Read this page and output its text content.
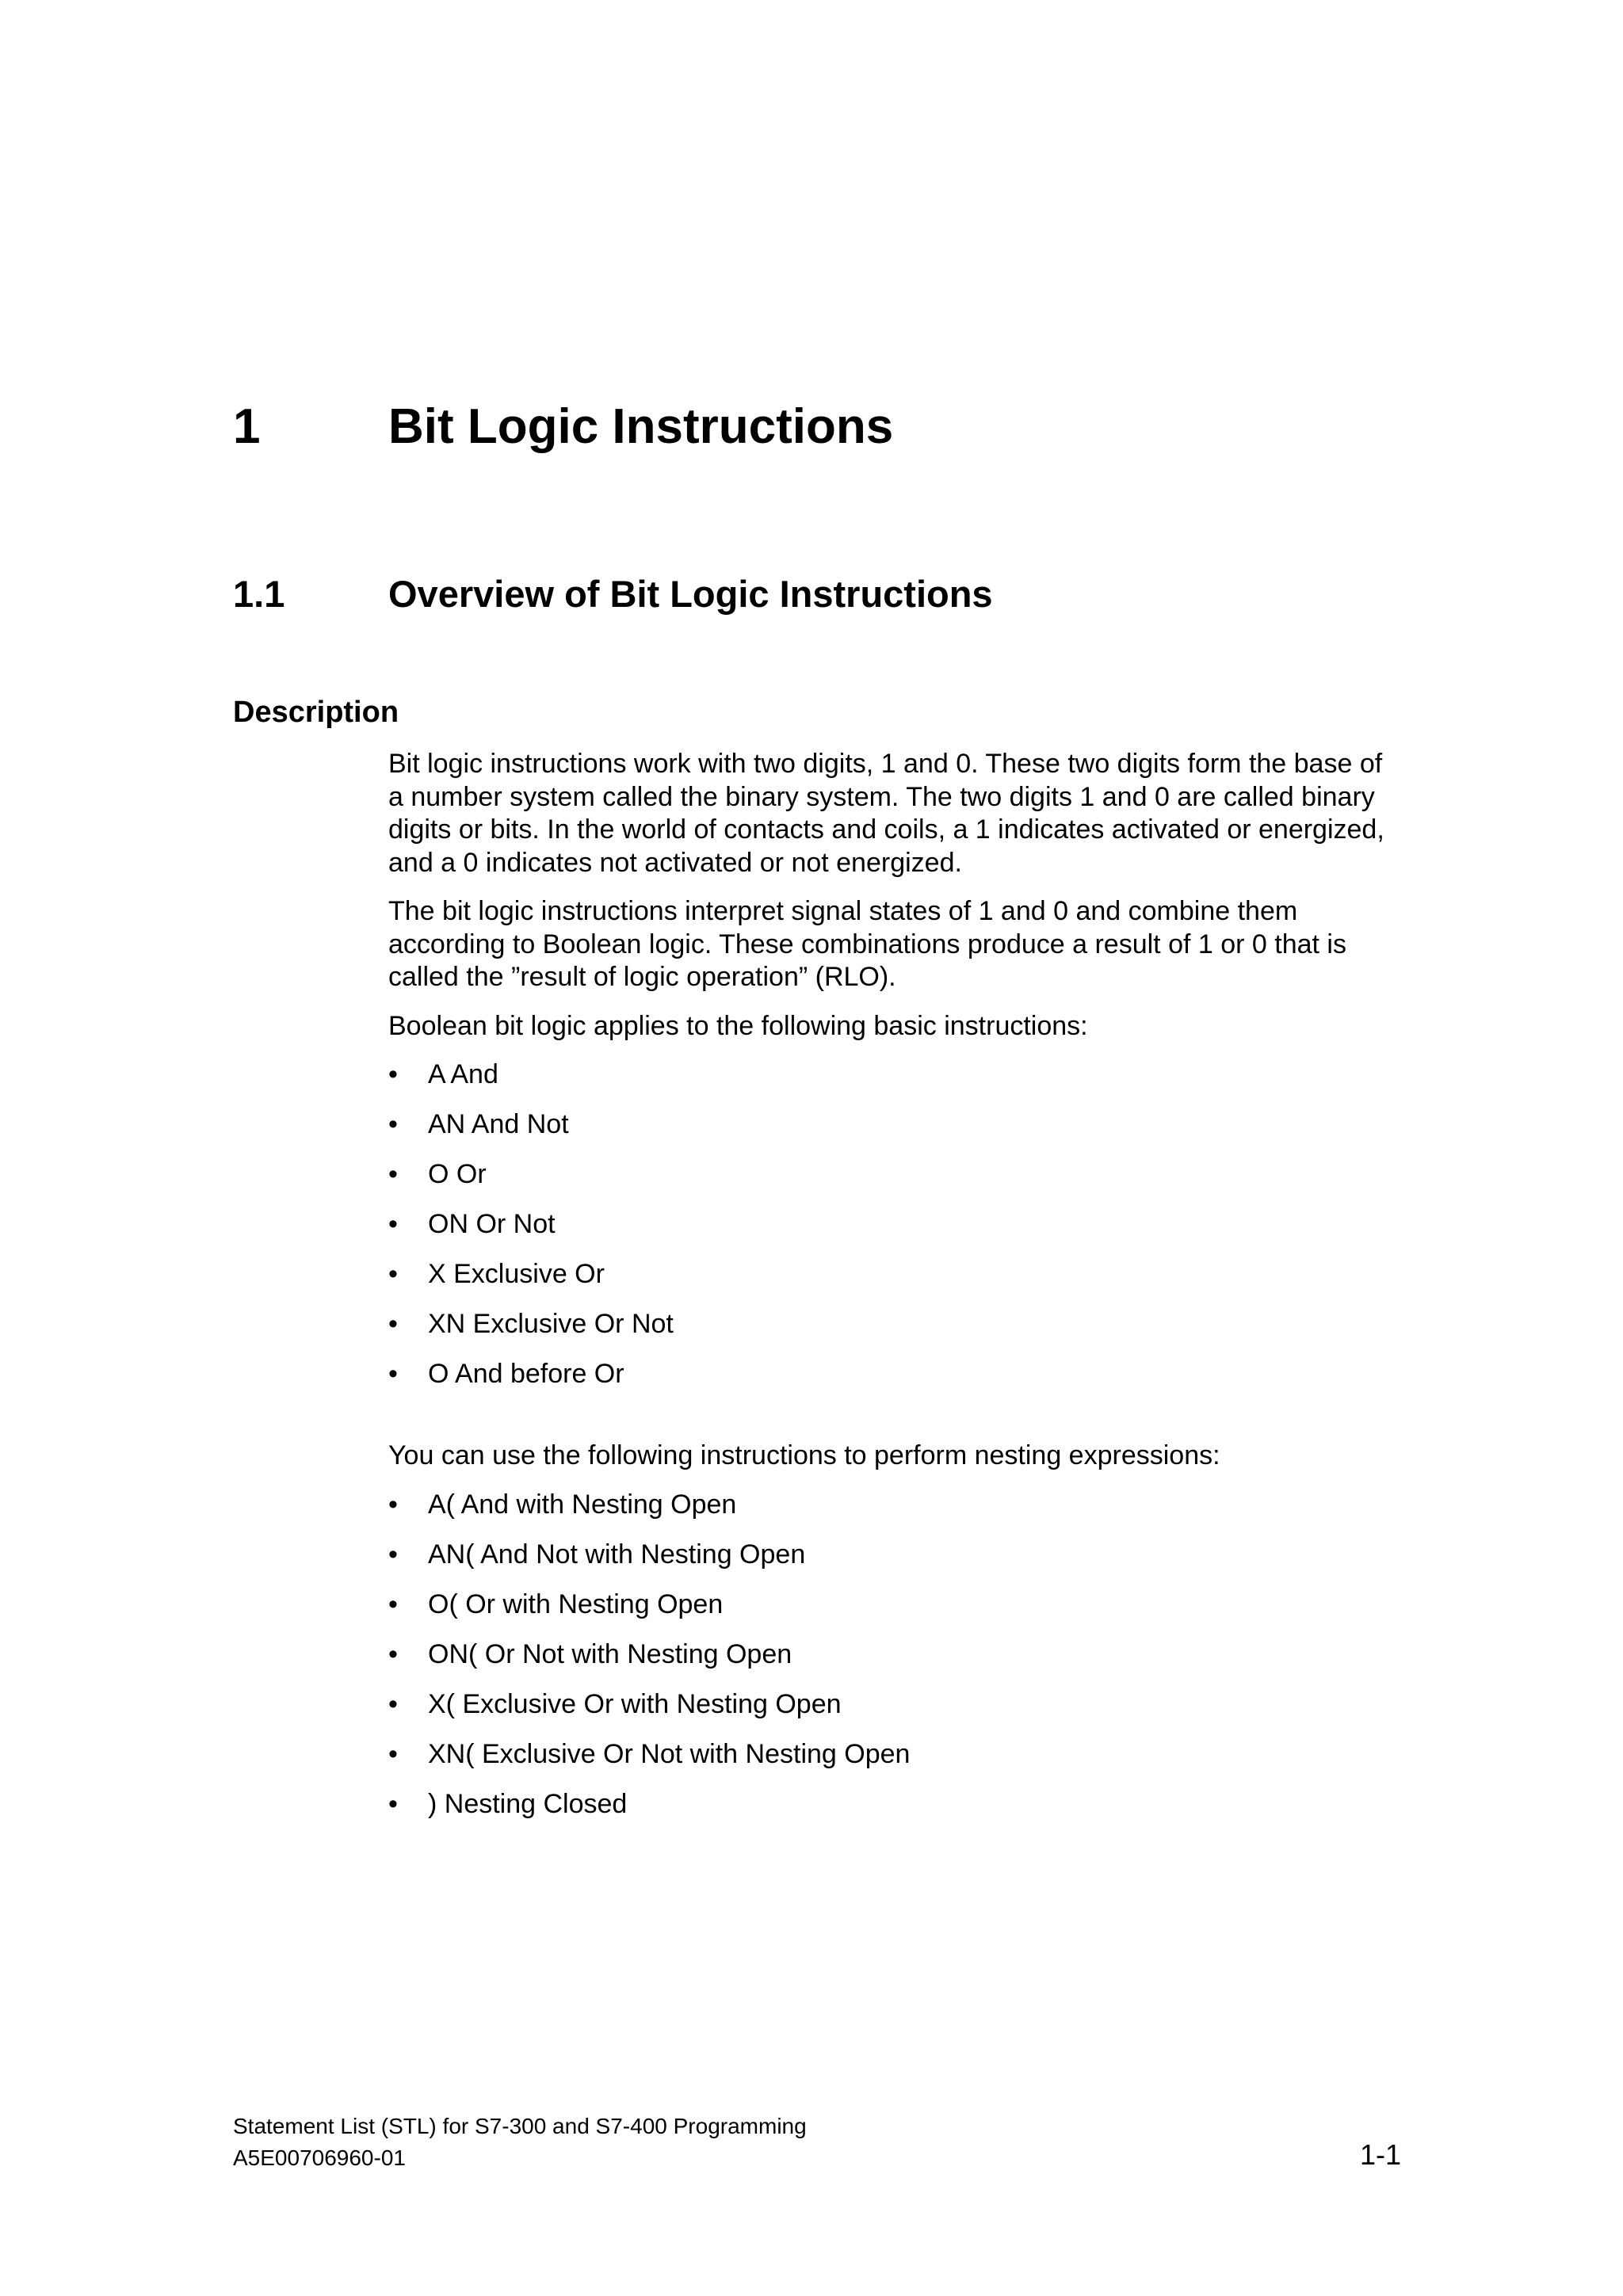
1	Bit Logic Instructions
1.1	Overview of Bit Logic Instructions
Description

Bit logic instructions work with two digits, 1 and 0. These two digits form the base of
a number system called the binary system. The two digits 1 and 0 are called binary
digits or bits. In the world of contacts and coils, a 1 indicates activated or energized,
and a 0 indicates not activated or not energized.

The bit logic instructions interpret signal states of 1 and 0 and combine them
according to Boolean logic. These combinations produce a result of 1 or 0 that is
called the ”result of logic operation” (RLO).

Boolean bit logic applies to the following basic instructions:

•	A And
•	AN And Not
•	O Or
•	ON Or Not
•	X Exclusive Or
•	XN Exclusive Or Not
•	O And before Or

You can use the following instructions to perform nesting expressions:

•	A( And with Nesting Open
•	AN( And Not with Nesting Open
•	O( Or with Nesting Open
•	ON( Or Not with Nesting Open
•	X( Exclusive Or with Nesting Open
•	XN( Exclusive Or Not with Nesting Open
•	) Nesting Closed
Statement List (STL) for S7-300 and S7-400 Programming
A5E00706960-01	1-1
